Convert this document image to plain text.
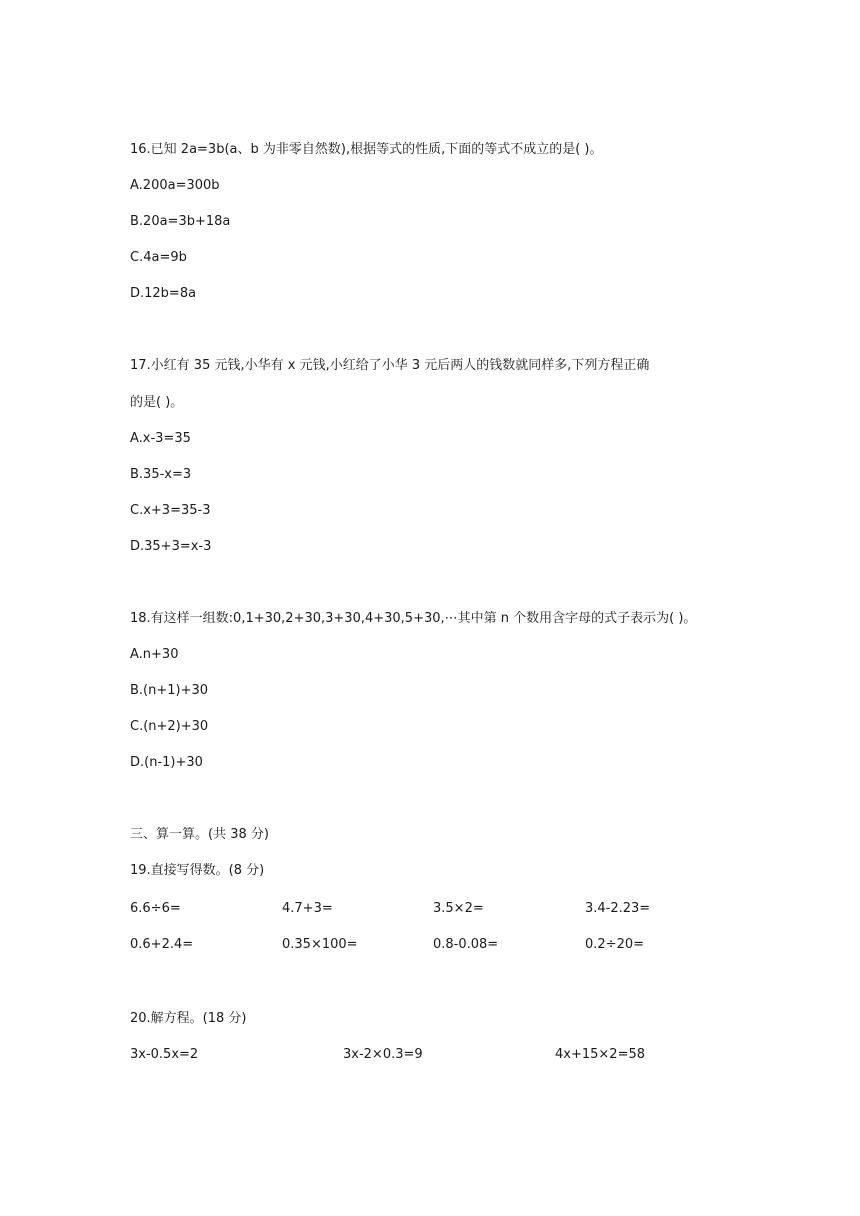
16.已知 2a=3b(a、b 为非零自然数),根据等式的性质,下面的等式不成立的是( )。
A.200a=300b
B.20a=3b+18a
C.4a=9b
D.12b=8a
17.小红有 35 元钱,小华有 x 元钱,小红给了小华 3 元后两人的钱数就同样多,下列方程正确
的是( )。
A.x-3=35
B.35-x=3
C.x+3=35-3
D.35+3=x-3
18.有这样一组数:0,1+30,2+30,3+30,4+30,5+30,⋯其中第 n 个数用含字母的式子表示为( )。
A.n+30
B.(n+1)+30
C.(n+2)+30
D.(n-1)+30
三、算一算。(共 38 分)
19.直接写得数。(8 分)
6.6÷6=	4.7+3=	3.5×2=	3.4-2.23=
0.6+2.4=	0.35×100=	0.8-0.08=	0.2÷20=
20.解方程。(18 分)
3x-0.5x=2	3x-2×0.3=9	4x+15×2=58
